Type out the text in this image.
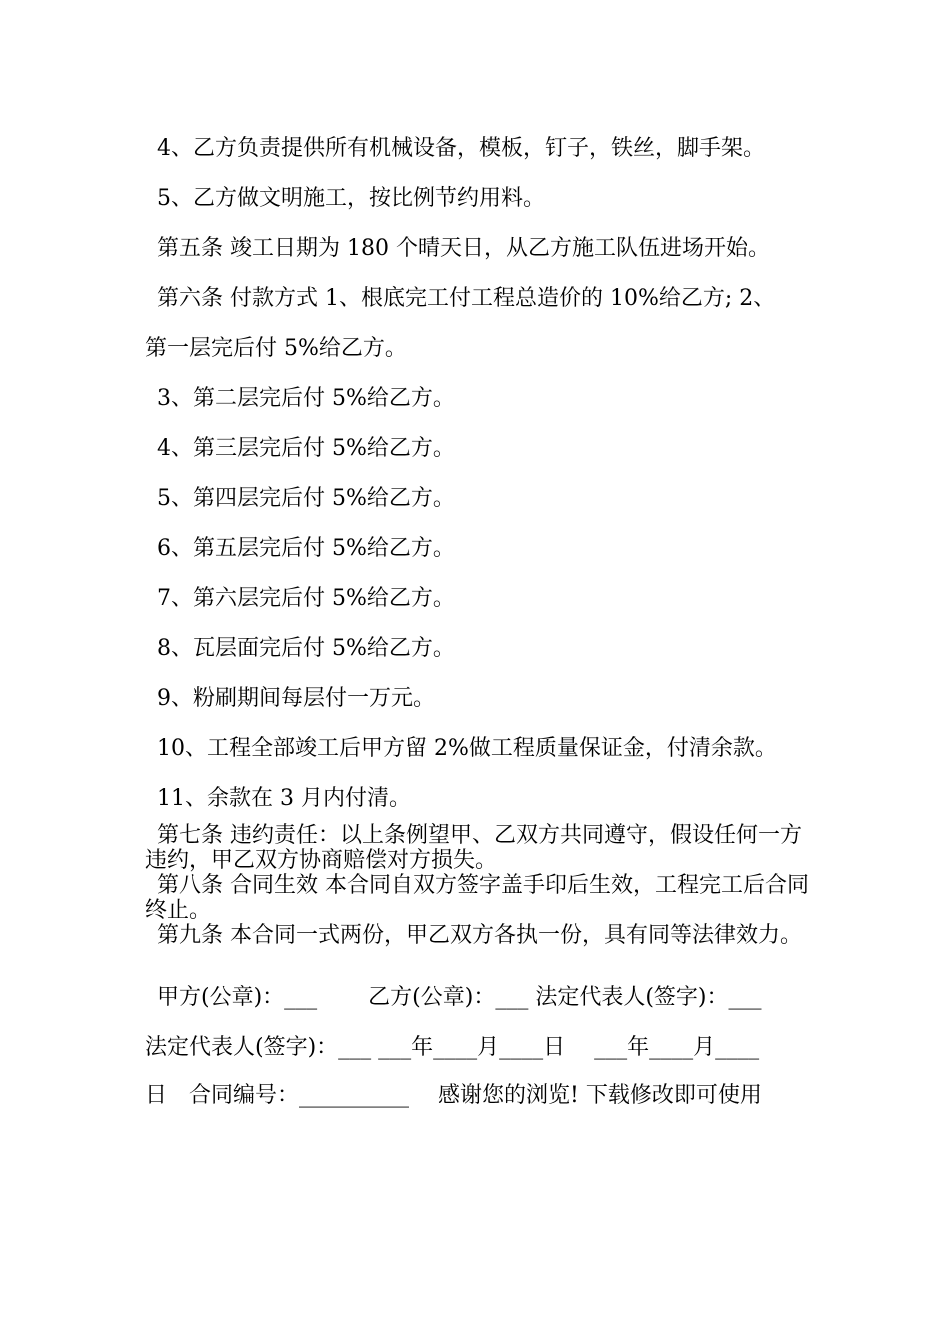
4、乙方负责提供所有机械设备，模板，钉子，铁丝，脚手架。
5、乙方做文明施工，按比例节约用料。
第五条 竣工日期为 180 个晴天日，从乙方施工队伍进场开始。
第六条 付款方式 1、根底完工付工程总造价的 10%给乙方; 2、
第一层完后付 5%给乙方。
3、第二层完后付 5%给乙方。
4、第三层完后付 5%给乙方。
5、第四层完后付 5%给乙方。
6、第五层完后付 5%给乙方。
7、第六层完后付 5%给乙方。
8、瓦层面完后付 5%给乙方。
9、粉刷期间每层付一万元。
10、工程全部竣工后甲方留 2%做工程质量保证金，付清余款。
11、余款在 3 月内付清。
第七条 违约责任：以上条例望甲、乙双方共同遵守，假设任何一方违约，甲乙双方协商赔偿对方损失。
第八条 合同生效 本合同自双方签字盖手印后生效，工程完工后合同终止。
第九条 本合同一式两份，甲乙双方各执一份，具有同等法律效力。
甲方(公章)：___　　 乙方(公章)：___ 法定代表人(签字)：___
法定代表人(签字)：___ ___年____月____日　 ___年____月____
日　合同编号：__________　 感谢您的浏览! 下载修改即可使用
